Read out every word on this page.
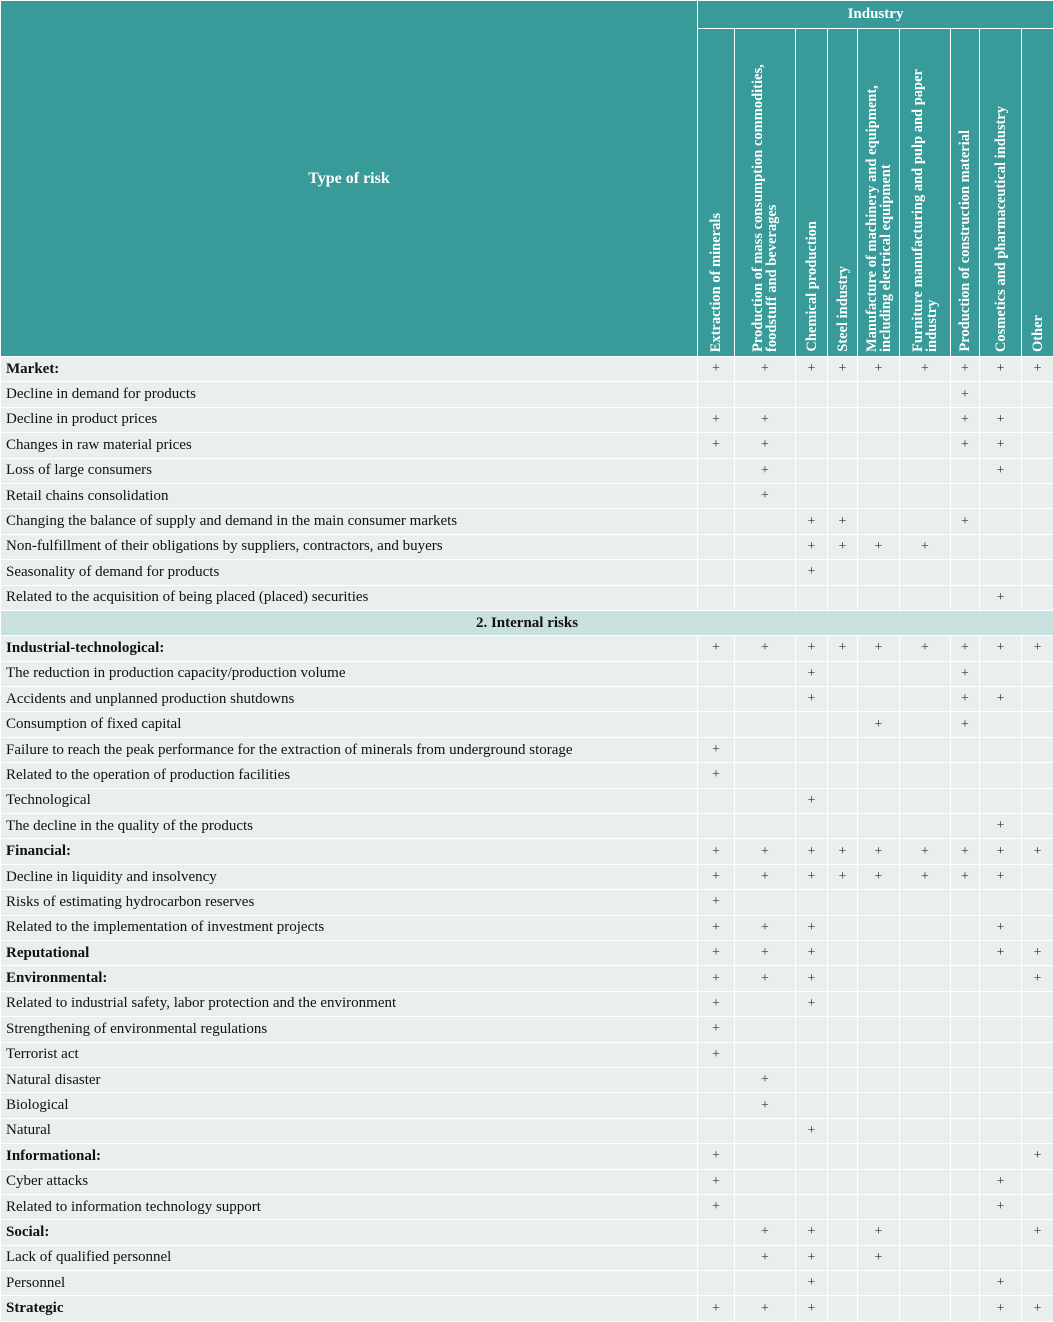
Type of risk	Industry								

	Extraction of minerals	Production of mass consumption commodities, foodstuff and beverages	Chemical production	Steel industry	Manufacture of machinery and equipment, including electrical equipment	Furniture manufacturing and pulp and paper industry	Production of construction material	Cosmetics and pharmaceutical industry	Other

Market:	+	+	+	+	+	+	+	+	+
Decline in demand for products							+		
Decline in product prices	+	+					+	+	
Changes in raw material prices	+	+					+	+	
Loss of large consumers		+						+	
Retail chains consolidation		+							
Changing the balance of supply and demand in the main consumer markets			+	+			+		
Non-fulfillment of their obligations by suppliers, contractors, and buyers			+	+	+	+			
Seasonality of demand for products			+						
Related to the acquisition of being placed (placed) securities								+	
2. Internal risks									
Industrial-technological:	+	+	+	+	+	+	+	+	+
The reduction in production capacity/production volume			+				+		
Accidents and unplanned production shutdowns			+				+	+	
Consumption of fixed capital					+		+		
Failure to reach the peak performance for the extraction of minerals from underground storage	+								
Related to the operation of production facilities	+								
Technological			+						
The decline in the quality of the products								+	
Financial:	+	+	+	+	+	+	+	+	+
Decline in liquidity and insolvency	+	+	+	+	+	+	+	+	
Risks of estimating hydrocarbon reserves	+								
Related to the implementation of investment projects	+	+	+					+	
Reputational	+	+	+					+	+
Environmental:	+	+	+						+
Related to industrial safety, labor protection and the environment	+		+						
Strengthening of environmental regulations	+								
Terrorist act	+								
Natural disaster		+							
Biological		+							
Natural			+						
Informational:	+								+
Cyber attacks	+							+	
Related to information technology support	+							+	
Social:		+	+		+				+
Lack of qualified personnel		+	+		+				
Personnel			+					+	
Strategic	+	+	+					+	+
